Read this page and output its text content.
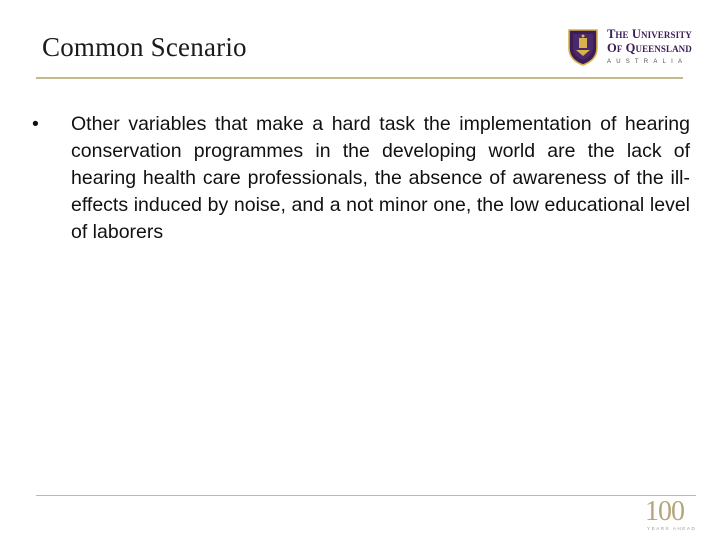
Common Scenario	The University
Of Queensland
AUSTRALIA
• Other variables that make a hard task the implementation of hearing conservation programmes in the developing world are the lack of hearing health care professionals, the absence of awareness of the ill-effects induced by noise, and a not minor one, the low educational level of laborers
100
YEARS AHEAD
